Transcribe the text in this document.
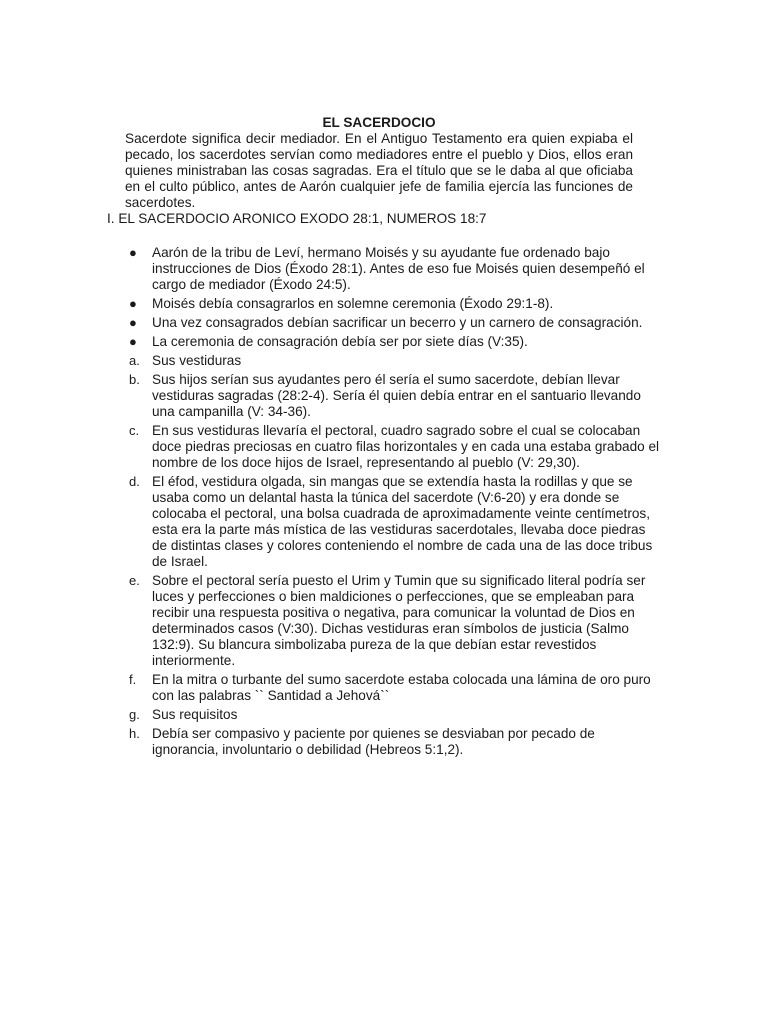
EL SACERDOCIO

Sacerdote significa decir mediador. En el Antiguo Testamento era quien expiaba el pecado, los sacerdotes servían como mediadores entre el pueblo y Dios, ellos eran quienes ministraban las cosas sagradas. Era el título que se le daba al que oficiaba en el culto público, antes de Aarón cualquier jefe de familia ejercía las funciones de sacerdotes.

I. EL SACERDOCIO ARONICO EXODO 28:1, NUMEROS 18:7
● Aarón de la tribu de Leví, hermano Moisés y su ayudante fue ordenado bajo instrucciones de Dios (Éxodo 28:1). Antes de eso fue Moisés quien desempeñó el cargo de mediador (Éxodo 24:5).
● Moisés debía consagrarlos en solemne ceremonia (Éxodo 29:1-8).
● Una vez consagrados debían sacrificar un becerro y un carnero de consagración.
● La ceremonia de consagración debía ser por siete días (V:35).
a. Sus vestiduras
b. Sus hijos serían sus ayudantes pero él sería el sumo sacerdote, debían llevar vestiduras sagradas (28:2-4). Sería él quien debía entrar en el santuario llevando una campanilla (V: 34-36).
c. En sus vestiduras llevaría el pectoral, cuadro sagrado sobre el cual se colocaban doce piedras preciosas en cuatro filas horizontales y en cada una estaba grabado el nombre de los doce hijos de Israel, representando al pueblo (V: 29,30).
d. El éfod, vestidura olgada, sin mangas que se extendía hasta la rodillas y que se usaba como un delantal hasta la túnica del sacerdote (V:6-20) y era donde se colocaba el pectoral, una bolsa cuadrada de aproximadamente veinte centímetros, esta era la parte más mística de las vestiduras sacerdotales, llevaba doce piedras de distintas clases y colores conteniendo el nombre de cada una de las doce tribus de Israel.
e. Sobre el pectoral sería puesto el Urim y Tumin que su significado literal podría ser luces y perfecciones o bien maldiciones o perfecciones, que se empleaban para recibir una respuesta positiva o negativa, para comunicar la voluntad de Dios en determinados casos (V:30). Dichas vestiduras eran símbolos de justicia (Salmo 132:9). Su blancura simbolizaba pureza de la que debían estar revestidos interiormente.
f. En la mitra o turbante del sumo sacerdote estaba colocada una lámina de oro puro con las palabras `` Santidad a Jehová``
g. Sus requisitos
h. Debía ser compasivo y paciente por quienes se desviaban por pecado de ignorancia, involuntario o debilidad (Hebreos 5:1,2).
